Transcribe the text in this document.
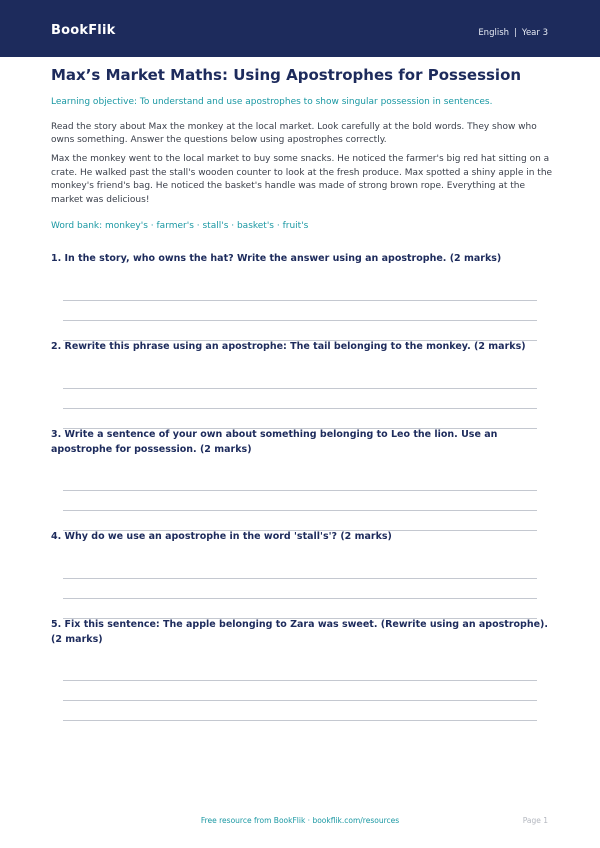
BookFlik	English | Year 3
Max’s Market Maths: Using Apostrophes for Possession
Learning objective: To understand and use apostrophes to show singular possession in sentences.
Read the story about Max the monkey at the local market. Look carefully at the bold words. They show who owns something. Answer the questions below using apostrophes correctly.
Max the monkey went to the local market to buy some snacks. He noticed the farmer's big red hat sitting on a crate. He walked past the stall's wooden counter to look at the fresh produce. Max spotted a shiny apple in the monkey's friend's bag. He noticed the basket's handle was made of strong brown rope. Everything at the market was delicious!
Word bank: monkey's · farmer's · stall's · basket's · fruit's
1. In the story, who owns the hat? Write the answer using an apostrophe. (2 marks)
2. Rewrite this phrase using an apostrophe: The tail belonging to the monkey. (2 marks)
3. Write a sentence of your own about something belonging to Leo the lion. Use an apostrophe for possession. (2 marks)
4. Why do we use an apostrophe in the word 'stall's'? (2 marks)
5. Fix this sentence: The apple belonging to Zara was sweet. (Rewrite using an apostrophe). (2 marks)
Free resource from BookFlik · bookflik.com/resources	Page 1
